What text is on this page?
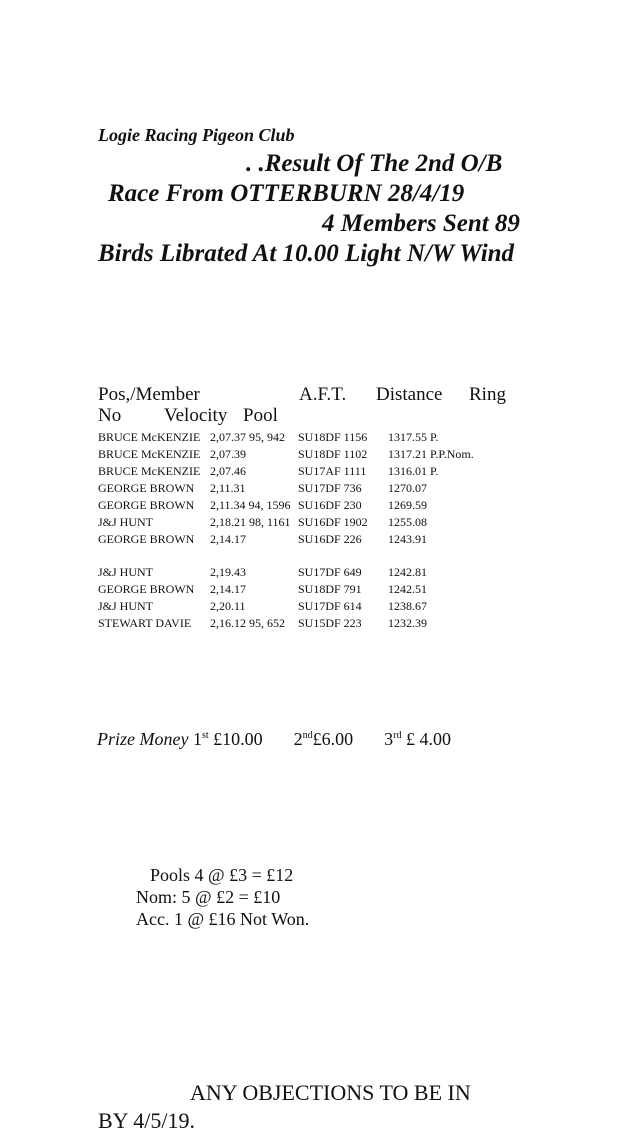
Logie Racing Pigeon Club
. .Result Of The 2nd O/B
Race From OTTERBURN 28/4/19
4 Members Sent 89
Birds Librated At 10.00 Light N/W Wind
Pos,/Member	A.F.T. Distance Ring
No Velocity Pool
BRUCE McKENZIE 2,07.37 95, 942 SU18DF 1156 1317.55 P.
BRUCE McKENZIE 2,07.39	SU18DF 1102 1317.21 P.P.Nom.
BRUCE McKENZIE 2,07.46	SU17AF 1111 1316.01 P.
GEORGE BROWN 2,11.31	SU17DF 736 1270.07
GEORGE BROWN 2,11.34 94, 1596 SU16DF 230 1269.59
J&J HUNT	2,18.21 98, 1161 SU16DF 1902 1255.08
GEORGE BROWN 2,14.17	SU16DF 226 1243.91
J&J HUNT	2,19.43	SU17DF 649 1242.81
GEORGE BROWN 2,14.17	SU18DF 791 1242.51
J&J HUNT	2,20.11	SU17DF 614 1238.67
STEWART DAVIE 2,16.12 95, 652 SU15DF 223 1232.39
Prize Money 1st £10.00 2nd£6.00 3rd £ 4.00
Pools 4 @ £3 = £12
Nom: 5 @ £2 = £10
Acc. 1 @ £16 Not Won.
ANY OBJECTIONS TO BE IN
BY 4/5/19.
